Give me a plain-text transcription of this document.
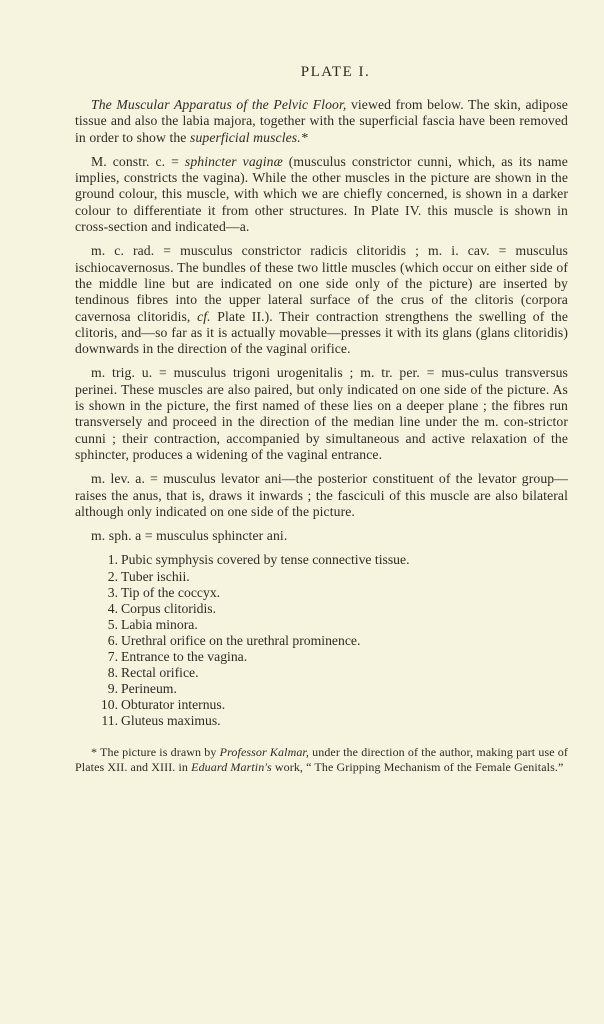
PLATE I.

The Muscular Apparatus of the Pelvic Floor, viewed from below. The skin, adipose tissue and also the labia majora, together with the superficial fascia have been removed in order to show the superficial muscles.*

M. constr. c. = sphincter vaginæ (musculus constrictor cunni, which, as its name implies, constricts the vagina). While the other muscles in the picture are shown in the ground colour, this muscle, with which we are chiefly concerned, is shown in a darker colour to differentiate it from other structures. In Plate IV. this muscle is shown in cross-section and indicated—a.

m. c. rad. = musculus constrictor radicis clitoridis ; m. i. cav. = musculus ischiocavernosus. The bundles of these two little muscles (which occur on either side of the middle line but are indicated on one side only of the picture) are inserted by tendinous fibres into the upper lateral surface of the crus of the clitoris (corpora cavernosa clitoridis, cf. Plate II.). Their contraction strengthens the swelling of the clitoris, and—so far as it is actually movable—presses it with its glans (glans clitoridis) downwards in the direction of the vaginal orifice.

m. trig. u. = musculus trigoni urogenitalis ; m. tr. per. = mus-culus transversus perinei. These muscles are also paired, but only indicated on one side of the picture. As is shown in the picture, the first named of these lies on a deeper plane ; the fibres run transversely and proceed in the direction of the median line under the m. con-strictor cunni ; their contraction, accompanied by simultaneous and active relaxation of the sphincter, produces a widening of the vaginal entrance.

m. lev. a. = musculus levator ani—the posterior constituent of the levator group—raises the anus, that is, draws it inwards ; the fasciculi of this muscle are also bilateral although only indicated on one side of the picture.

m. sph. a = musculus sphincter ani.

1. Pubic symphysis covered by tense connective tissue.
2. Tuber ischii.
3. Tip of the coccyx.
4. Corpus clitoridis.
5. Labia minora.
6. Urethral orifice on the urethral prominence.
7. Entrance to the vagina.
8. Rectal orifice.
9. Perineum.
10. Obturator internus.
11. Gluteus maximus.

* The picture is drawn by Professor Kalmar, under the direction of the author, making part use of Plates XII. and XIII. in Eduard Martin's work, “ The Gripping Mechanism of the Female Genitals.”
